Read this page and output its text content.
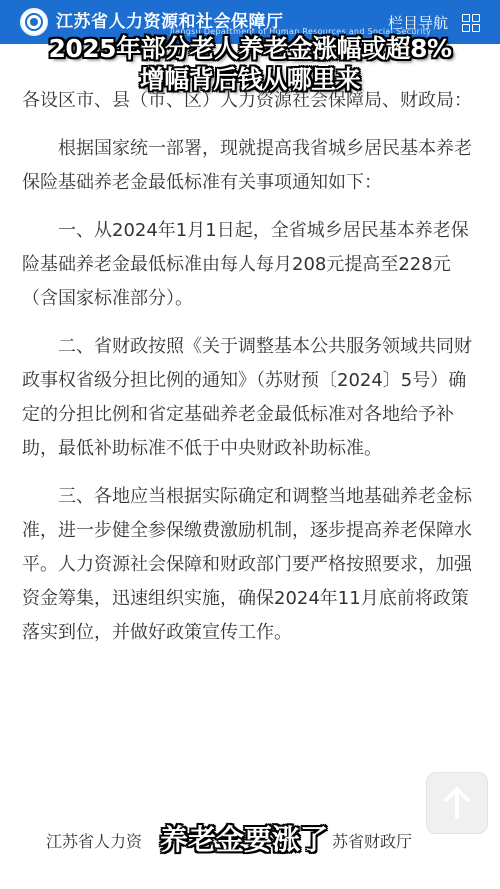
江苏省人力资源和社会保障厅
Jiangsu Department of Human Resources and Social Security
栏目导航
2025年部分老人养老金涨幅或超8%
增幅背后钱从哪里来

各设区市、县（市、区）人力资源社会保障局、财政局：

根据国家统一部署，现就提高我省城乡居民基本养老保险基础养老金最低标准有关事项通知如下：

一、从2024年1月1日起，全省城乡居民基本养老保险基础养老金最低标准由每人每月208元提高至228元（含国家标准部分）。

二、省财政按照《关于调整基本公共服务领域共同财政事权省级分担比例的通知》（苏财预〔2024〕5号）确定的分担比例和省定基础养老金最低标准对各地给予补助，最低补助标准不低于中央财政补助标准。

三、各地应当根据实际确定和调整当地基础养老金标准，进一步健全参保缴费激励机制，逐步提高养老保障水平。人力资源社会保障和财政部门要严格按照要求，加强资金筹集，迅速组织实施，确保2024年11月底前将政策落实到位，并做好政策宣传工作。

江苏省人力资	苏省财政厅
养老金要涨了
